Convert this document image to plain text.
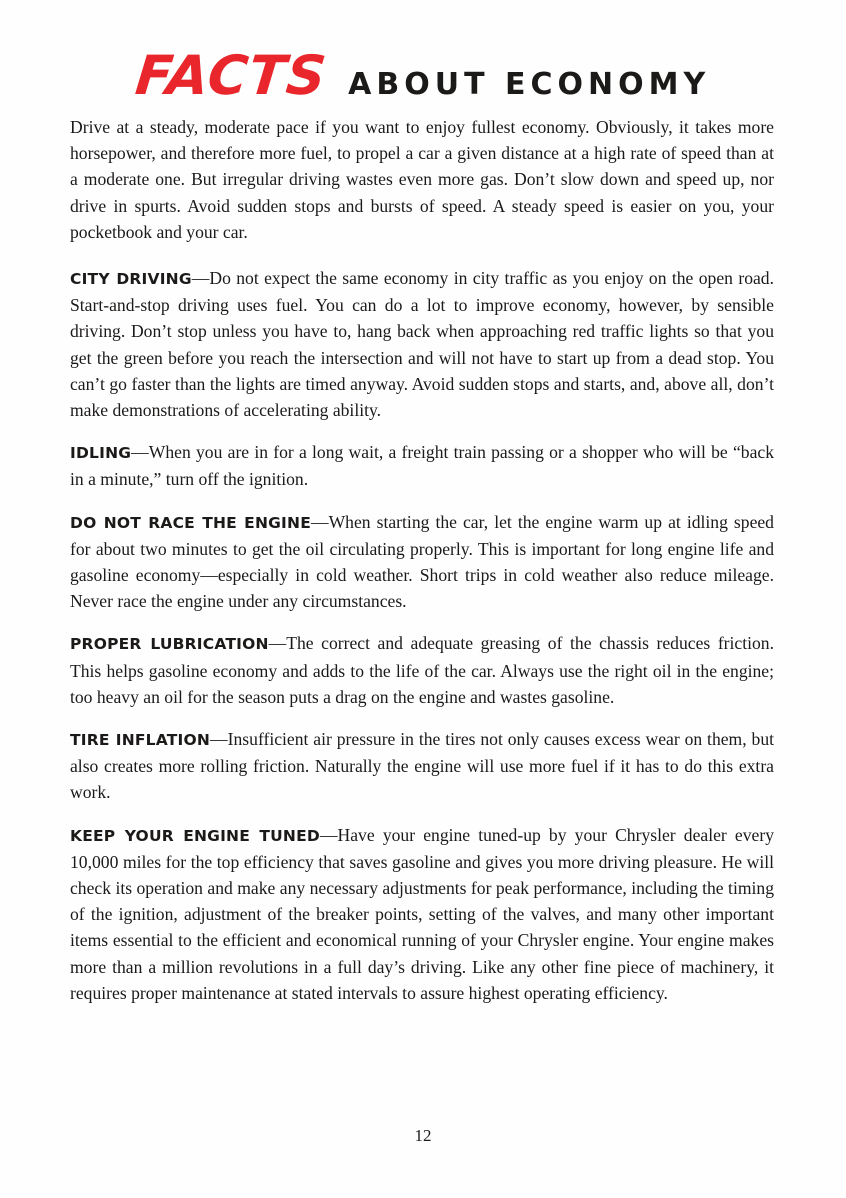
FACTS ABOUT ECONOMY

Drive at a steady, moderate pace if you want to enjoy fullest economy. Obviously, it takes more horsepower, and therefore more fuel, to propel a car a given distance at a high rate of speed than at a moderate one. But irregular driving wastes even more gas. Don’t slow down and speed up, nor drive in spurts. Avoid sudden stops and bursts of speed. A steady speed is easier on you, your pocketbook and your car.

CITY DRIVING—Do not expect the same economy in city traffic as you enjoy on the open road. Start-and-stop driving uses fuel. You can do a lot to improve economy, however, by sensible driving. Don’t stop unless you have to, hang back when approaching red traffic lights so that you get the green before you reach the intersection and will not have to start up from a dead stop. You can’t go faster than the lights are timed anyway. Avoid sudden stops and starts, and, above all, don’t make demonstrations of accelerating ability.

IDLING—When you are in for a long wait, a freight train passing or a shopper who will be “back in a minute,” turn off the ignition.

DO NOT RACE THE ENGINE—When starting the car, let the engine warm up at idling speed for about two minutes to get the oil circulating properly. This is important for long engine life and gasoline economy—especially in cold weather. Short trips in cold weather also reduce mileage. Never race the engine under any circumstances.

PROPER LUBRICATION—The correct and adequate greasing of the chassis reduces friction. This helps gasoline economy and adds to the life of the car. Always use the right oil in the engine; too heavy an oil for the season puts a drag on the engine and wastes gasoline.

TIRE INFLATION—Insufficient air pressure in the tires not only causes excess wear on them, but also creates more rolling friction. Naturally the engine will use more fuel if it has to do this extra work.

KEEP YOUR ENGINE TUNED—Have your engine tuned-up by your Chrysler dealer every 10,000 miles for the top efficiency that saves gasoline and gives you more driving pleasure. He will check its operation and make any necessary adjustments for peak performance, including the timing of the ignition, adjustment of the breaker points, setting of the valves, and many other important items essential to the efficient and economical running of your Chrysler engine. Your engine makes more than a million revolutions in a full day’s driving. Like any other fine piece of machinery, it requires proper maintenance at stated intervals to assure highest operating efficiency.

12
